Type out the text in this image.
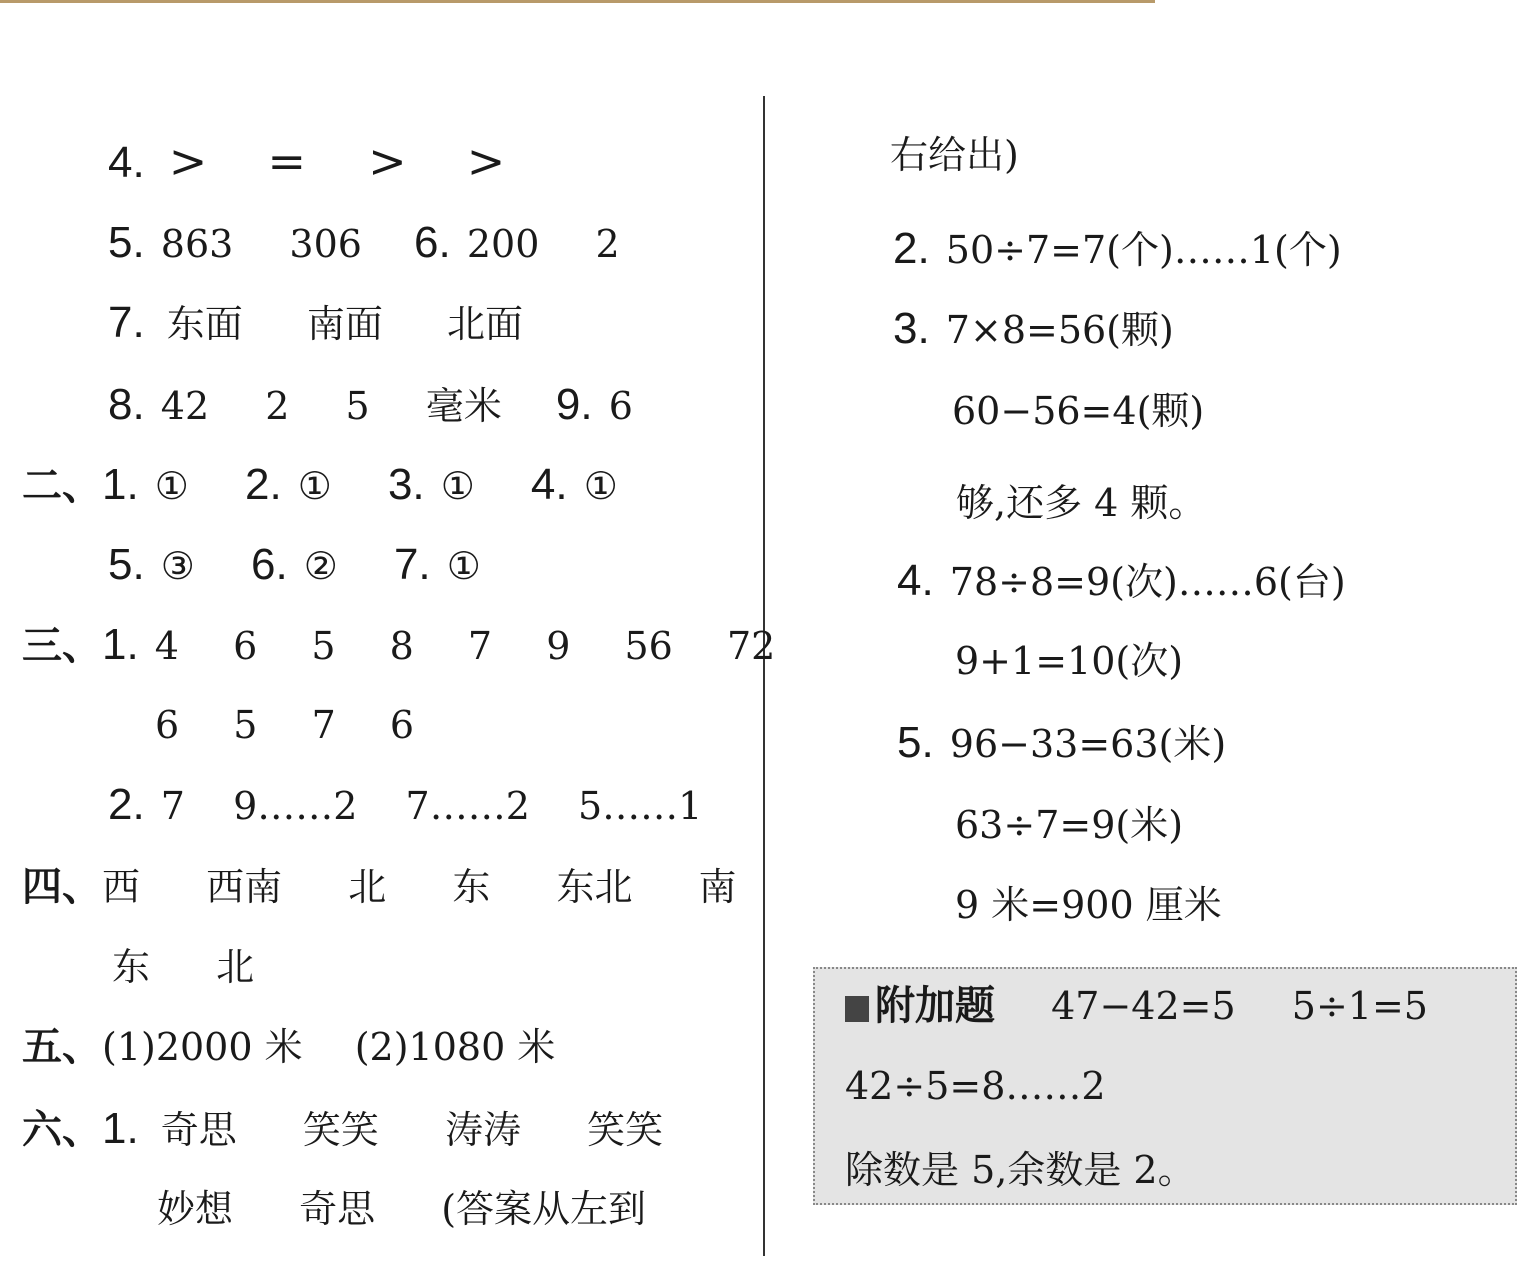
4. > = > >
5. 863 306 6. 200 2
7. 东面 南面 北面
8. 42 2 5 毫米 9. 6
二、1. ① 2. ① 3. ① 4. ①
5. ③ 6. ② 7. ①
三、1. 4 6 5 8 7 9 56 72
6 5 7 6
2. 7 9……2 7……2 5……1
四、西 西南 北 东 东北 南
东 北
五、(1)2000 米 (2)1080 米
六、1. 奇思 笑笑 涛涛 笑笑
妙想 奇思 (答案从左到
右给出)
2. 50÷7=7(个)……1(个)
3. 7×8=56(颗)
60−56=4(颗)
够,还多 4 颗。
4. 78÷8=9(次)……6(台)
9+1=10(次)
5. 96−33=63(米)
63÷7=9(米)
9 米=900 厘米
附加题 47−42=5 5÷1=5
42÷5=8……2
除数是 5,余数是 2。
